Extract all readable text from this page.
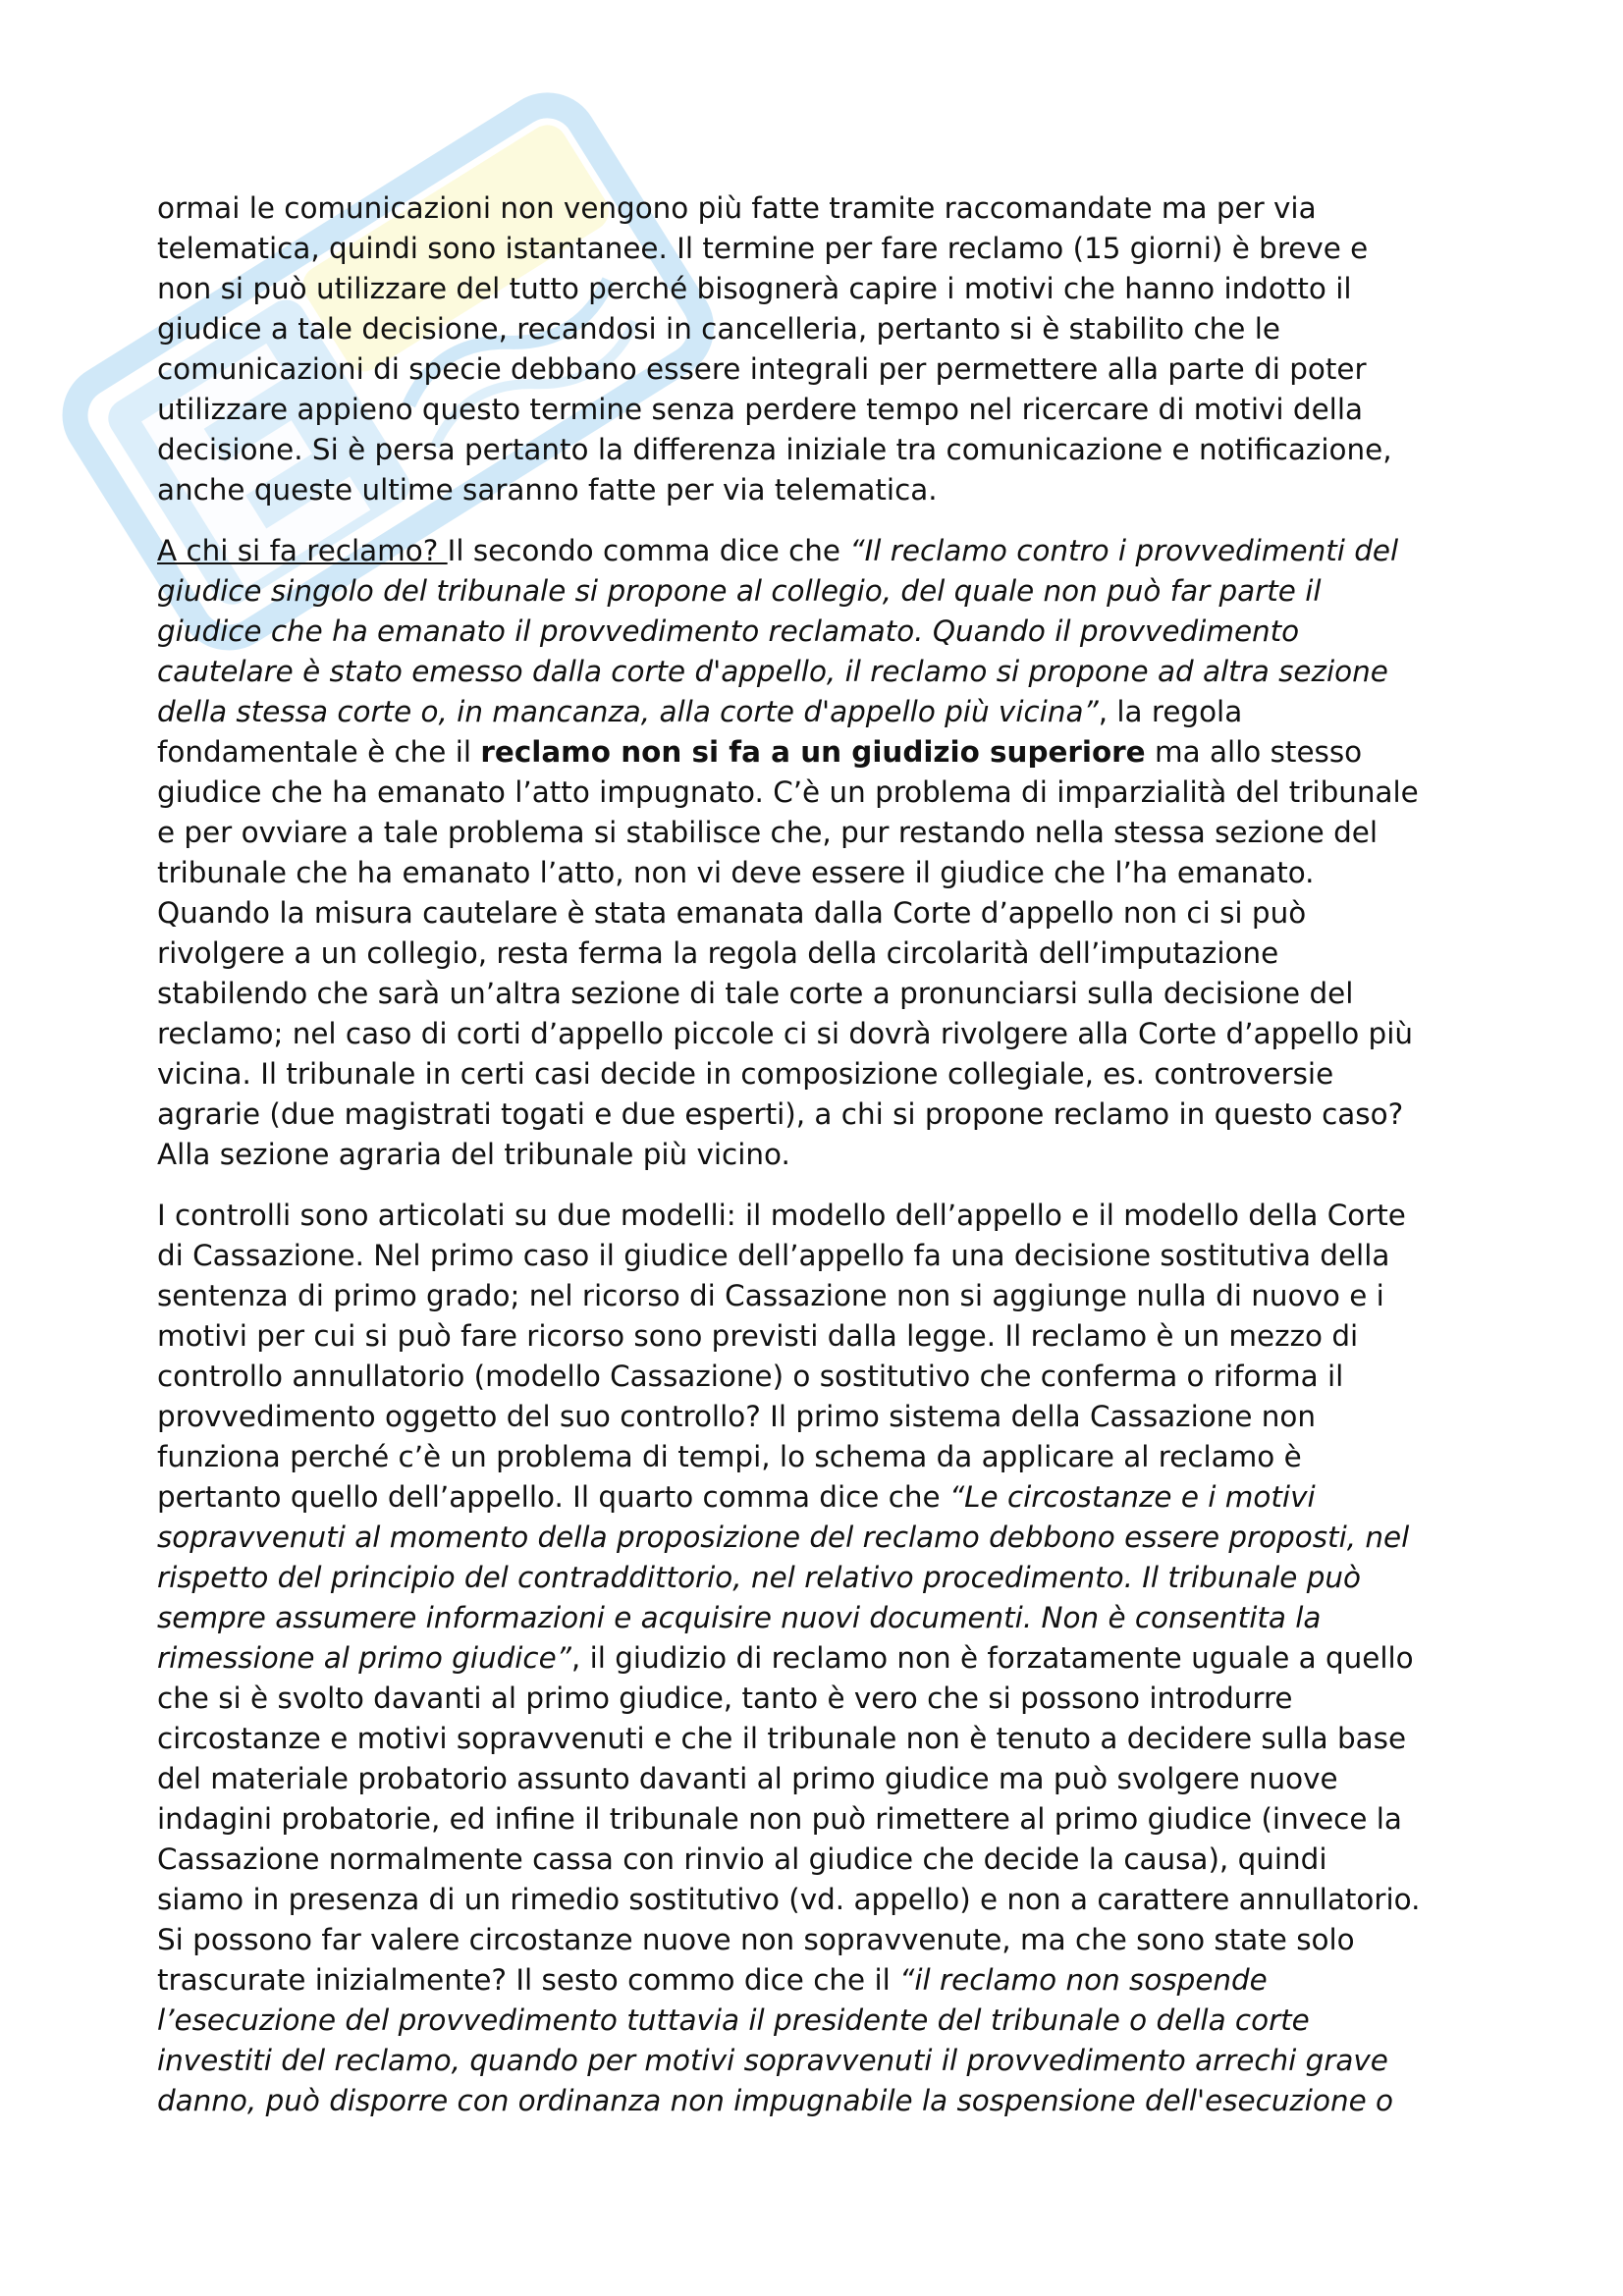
ormai le comunicazioni non vengono più fatte tramite raccomandate ma per via
telematica, quindi sono istantanee. Il termine per fare reclamo (15 giorni) è breve e
non si può utilizzare del tutto perché bisognerà capire i motivi che hanno indotto il
giudice a tale decisione, recandosi in cancelleria, pertanto si è stabilito che le
comunicazioni di specie debbano essere integrali per permettere alla parte di poter
utilizzare appieno questo termine senza perdere tempo nel ricercare di motivi della
decisione. Si è persa pertanto la differenza iniziale tra comunicazione e notificazione,
anche queste ultime saranno fatte per via telematica.
A chi si fa reclamo? Il secondo comma dice che “Il reclamo contro i provvedimenti del
giudice singolo del tribunale si propone al collegio, del quale non può far parte il
giudice che ha emanato il provvedimento reclamato. Quando il provvedimento
cautelare è stato emesso dalla corte d'appello, il reclamo si propone ad altra sezione
della stessa corte o, in mancanza, alla corte d'appello più vicina”, la regola
fondamentale è che il reclamo non si fa a un giudizio superiore ma allo stesso
giudice che ha emanato l’atto impugnato. C’è un problema di imparzialità del tribunale
e per ovviare a tale problema si stabilisce che, pur restando nella stessa sezione del
tribunale che ha emanato l’atto, non vi deve essere il giudice che l’ha emanato.
Quando la misura cautelare è stata emanata dalla Corte d’appello non ci si può
rivolgere a un collegio, resta ferma la regola della circolarità dell’imputazione
stabilendo che sarà un’altra sezione di tale corte a pronunciarsi sulla decisione del
reclamo; nel caso di corti d’appello piccole ci si dovrà rivolgere alla Corte d’appello più
vicina. Il tribunale in certi casi decide in composizione collegiale, es. controversie
agrarie (due magistrati togati e due esperti), a chi si propone reclamo in questo caso?
Alla sezione agraria del tribunale più vicino.
I controlli sono articolati su due modelli: il modello dell’appello e il modello della Corte
di Cassazione. Nel primo caso il giudice dell’appello fa una decisione sostitutiva della
sentenza di primo grado; nel ricorso di Cassazione non si aggiunge nulla di nuovo e i
motivi per cui si può fare ricorso sono previsti dalla legge. Il reclamo è un mezzo di
controllo annullatorio (modello Cassazione) o sostitutivo che conferma o riforma il
provvedimento oggetto del suo controllo? Il primo sistema della Cassazione non
funziona perché c’è un problema di tempi, lo schema da applicare al reclamo è
pertanto quello dell’appello. Il quarto comma dice che “Le circostanze e i motivi
sopravvenuti al momento della proposizione del reclamo debbono essere proposti, nel
rispetto del principio del contraddittorio, nel relativo procedimento. Il tribunale può
sempre assumere informazioni e acquisire nuovi documenti. Non è consentita la
rimessione al primo giudice”, il giudizio di reclamo non è forzatamente uguale a quello
che si è svolto davanti al primo giudice, tanto è vero che si possono introdurre
circostanze e motivi sopravvenuti e che il tribunale non è tenuto a decidere sulla base
del materiale probatorio assunto davanti al primo giudice ma può svolgere nuove
indagini probatorie, ed infine il tribunale non può rimettere al primo giudice (invece la
Cassazione normalmente cassa con rinvio al giudice che decide la causa), quindi
siamo in presenza di un rimedio sostitutivo (vd. appello) e non a carattere annullatorio.
Si possono far valere circostanze nuove non sopravvenute, ma che sono state solo
trascurate inizialmente? Il sesto commo dice che il “il reclamo non sospende
l’esecuzione del provvedimento tuttavia il presidente del tribunale o della corte
investiti del reclamo, quando per motivi sopravvenuti il provvedimento arrechi grave
danno, può disporre con ordinanza non impugnabile la sospensione dell'esecuzione o
